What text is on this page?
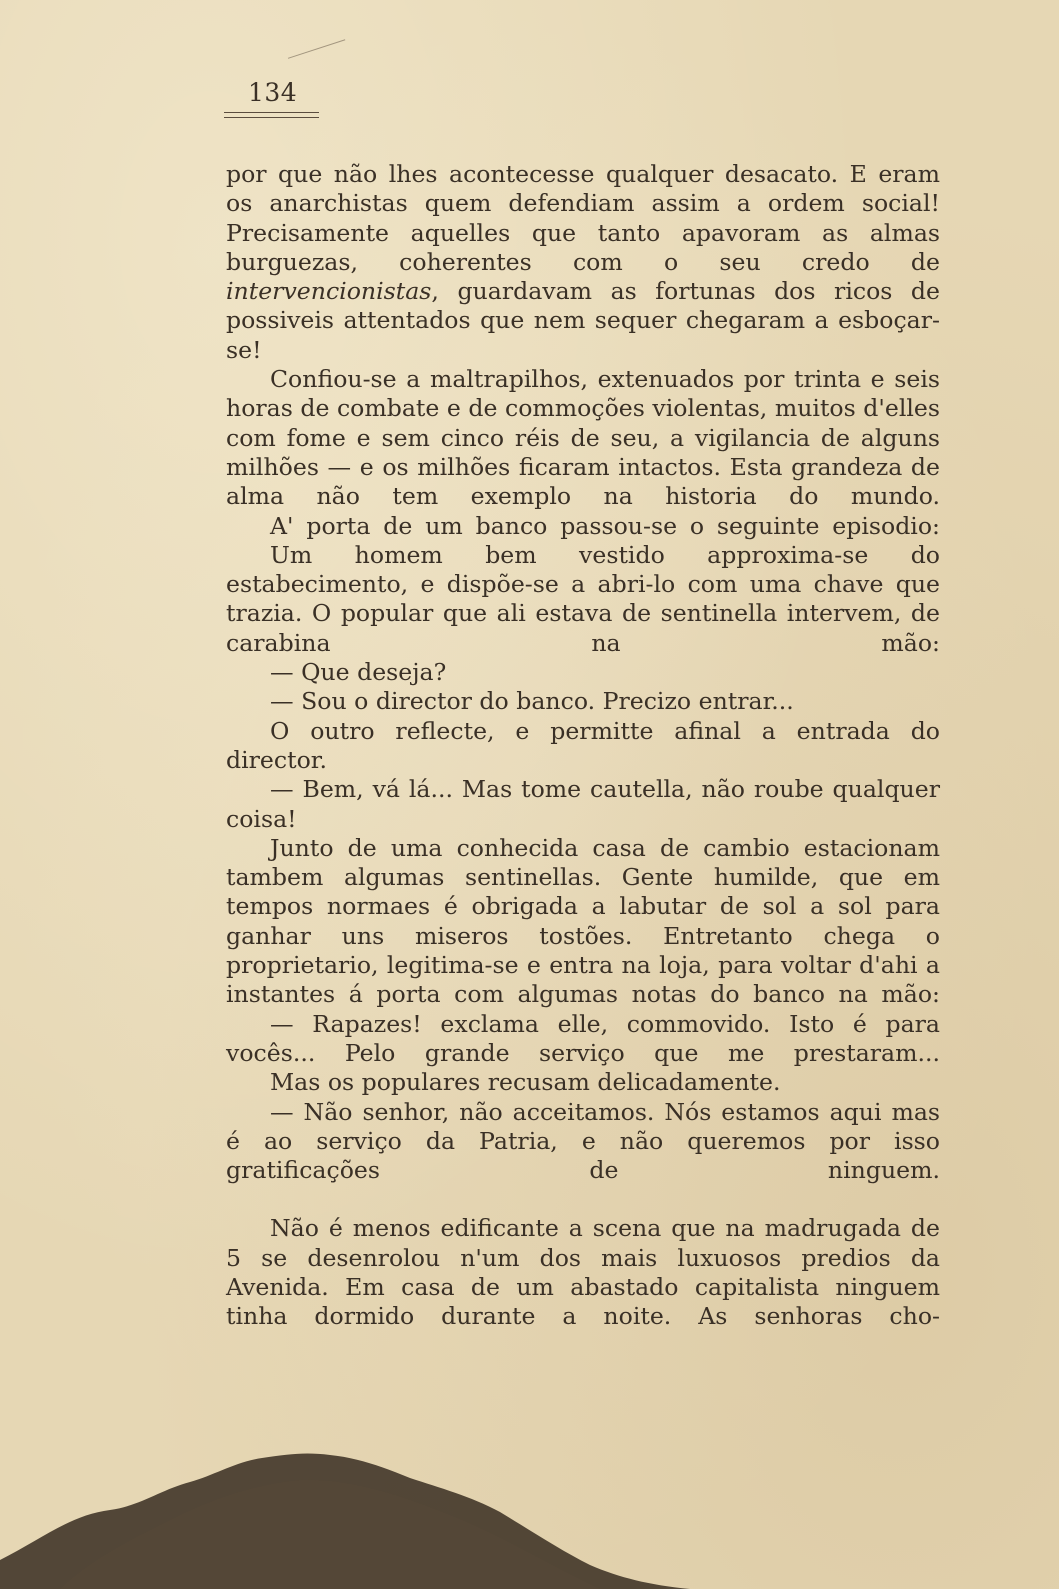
134

por que não lhes acontecesse qualquer desacato. E eram os anarchistas quem defendiam assim a ordem social! Precisamente aquelles que tanto apavoram as almas burguezas, coherentes com o seu credo de intervencionistas, guardavam as fortunas dos ricos de possiveis attentados que nem sequer chegaram a esboçar-se!

Confiou-se a maltrapilhos, extenuados por trinta e seis horas de combate e de commoções violentas, muitos d'elles com fome e sem cinco réis de seu, a vigilancia de alguns milhões — e os milhões ficaram intactos. Esta grandeza de alma não tem exemplo na historia do mundo.

A' porta de um banco passou-se o seguinte episodio:

Um homem bem vestido approxima-se do estabecimento, e dispõe-se a abri-lo com uma chave que trazia. O popular que ali estava de sentinella intervem, de carabina na mão:

— Que deseja?

— Sou o director do banco. Precizo entrar...

O outro reflecte, e permitte afinal a entrada do director.

— Bem, vá lá... Mas tome cautella, não roube qualquer coisa!

Junto de uma conhecida casa de cambio estacionam tambem algumas sentinellas. Gente humilde, que em tempos normaes é obrigada a labutar de sol a sol para ganhar uns miseros tostões. Entretanto chega o proprietario, legitima-se e entra na loja, para voltar d'ahi a instantes á porta com algumas notas do banco na mão:

— Rapazes! exclama elle, commovido. Isto é para vocês... Pelo grande serviço que me prestaram...

Mas os populares recusam delicadamente.

— Não senhor, não acceitamos. Nós estamos aqui mas é ao serviço da Patria, e não queremos por isso gratificações de ninguem.

Não é menos edificante a scena que na madrugada de 5 se desenrolou n'um dos mais luxuosos predios da Avenida. Em casa de um abastado capitalista ninguem tinha dormido durante a noite. As senhoras cho-
